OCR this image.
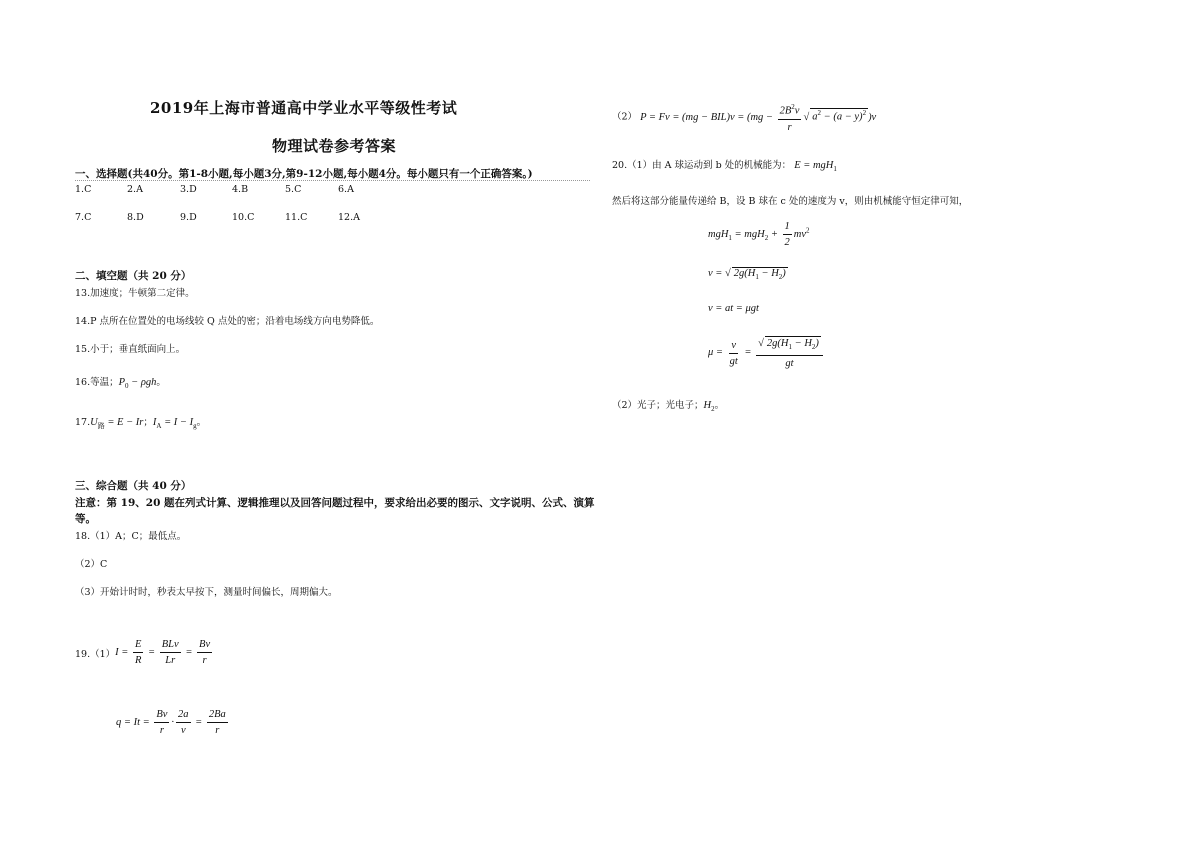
2019年上海市普通高中学业水平等级性考试
物理试卷参考答案
一、选择题(共40分。第1-8小题,每小题3分,第9-12小题,每小题4分。每小题只有一个正确答案。)
1.C	2.A	3.D	4.B	5.C	6.A
7.C	8.D	9.D	10.C	11.C	12.A
二、填空题（共 20 分）
13.加速度；牛顿第二定律。
14.P 点所在位置处的电场线较 Q 点处的密；沿着电场线方向电势降低。
15.小于；垂直纸面向上。
16.等温；$P_0 - \rho gh$。
$17.U_路 = E - Ir$；$I_A = I - I_g$。
三、综合题（共 40 分）
注意：第 19、20 题在列式计算、逻辑推理以及回答问题过程中，要求给出必要的图示、文字说明、公式、演算
等。
18.（1）A；C；最低点。
（2）C
（3）开始计时时，秒表太早按下，测量时间偏长，周期偏大。
19.（1） $I = \frac{E}{R} = \frac{\text{BLv}}{Lr} = \frac{Bv}{r}$
$q = It = \frac{Bv}{r} \cdot \frac{2a}{v} = \frac{2Ba}{r}$
（2） $P = Fv = (mg - BIL)v = (mg - \frac{2B^2v}{r}$ √ $a^2 - (a - y)^2$ )v
20.（1）由 A 球运动到 b 处的机械能为： E = mgH$_1$
然后将这部分能量传递给 B，设 B 球在 c 处的速度为 v，则由机械能守恒定律可知，
$mgH_1 = mgH_2 + \frac{1}{2} mv^2$
v = √ $2g(H_1 - H_2)$
v = at = μgt
$\mu = \frac{v}{gt} = \frac{√ 2g(H_1 - H_2)}{gt}$
（2）光子；光电子；$H_2$。
